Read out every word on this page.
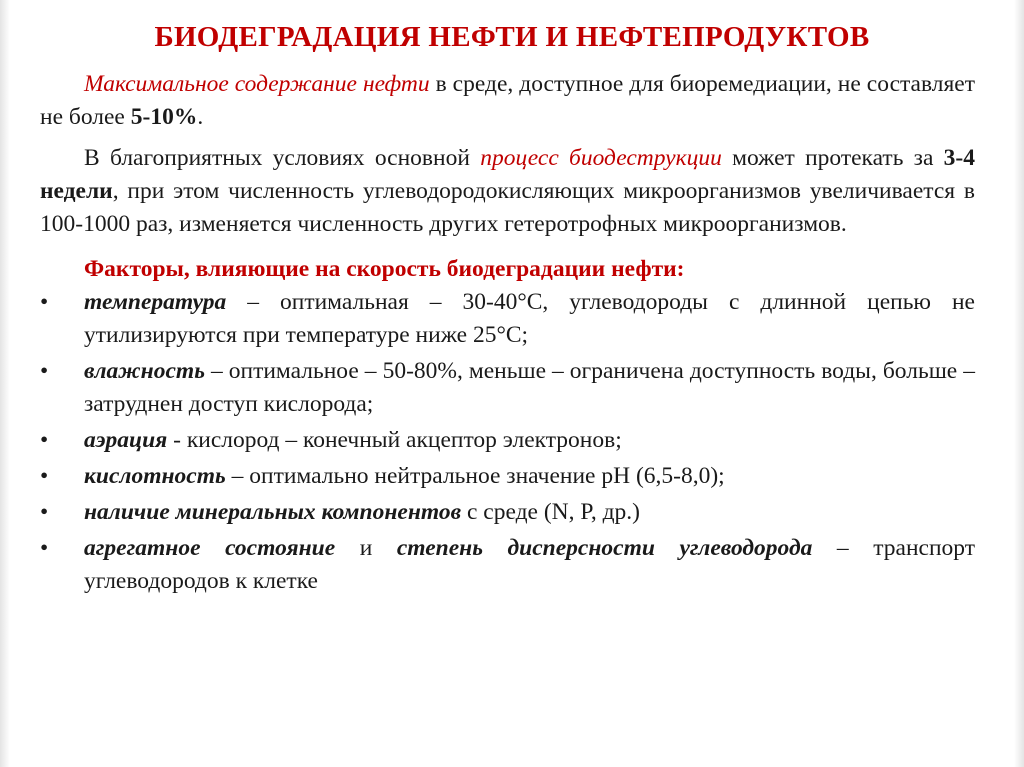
БИОДЕГРАДАЦИЯ НЕФТИ И НЕФТЕПРОДУКТОВ

Максимальное содержание нефти в среде, доступное для биоремедиации, не составляет не более 5-10%.

В благоприятных условиях основной процесс биодеструкции может протекать за 3-4 недели, при этом численность углеводородокисляющих микроорганизмов увеличивается в 100-1000 раз, изменяется численность других гетеротрофных микроорганизмов.

Факторы, влияющие на скорость биодеградации нефти:

•	температура – оптимальная – 30-40°С, углеводороды с длинной цепью не утилизируются при температуре ниже 25°С;
•	влажность – оптимальное – 50-80%, меньше – ограничена доступность воды, больше – затруднен доступ кислорода;
•	аэрация - кислород – конечный акцептор электронов;
•	кислотность – оптимально нейтральное значение рН (6,5-8,0);
•	наличие минеральных компонентов с среде (N, P, др.)
•	агрегатное состояние и степень дисперсности углеводорода – транспорт углеводородов к клетке
